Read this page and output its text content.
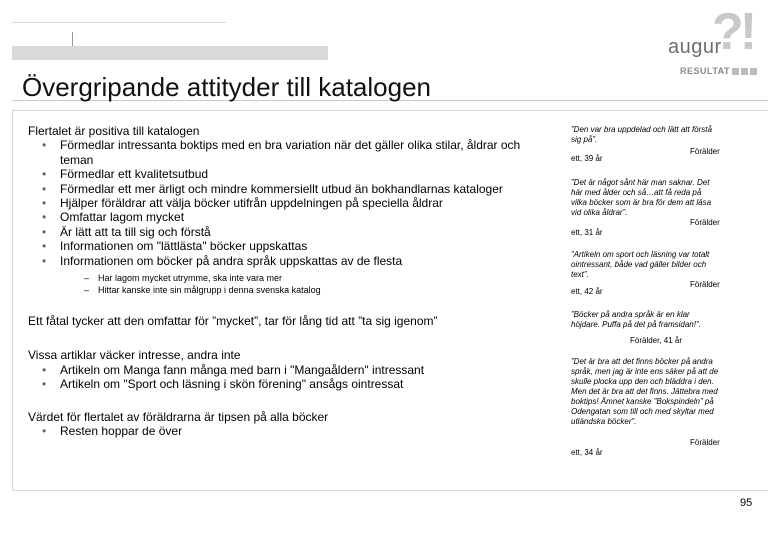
augur
?!
RESULTAT
Övergripande attityder till katalogen
Flertalet är positiva till katalogen
• Förmedlar intressanta boktips med en bra variation när det gäller olika stilar, åldrar och teman
• Förmedlar ett kvalitetsutbud
• Förmedlar ett mer ärligt och mindre kommersiellt utbud än bokhandlarnas kataloger
• Hjälper föräldrar att välja böcker utifrån uppdelningen på speciella åldrar
• Omfattar lagom mycket
• Är lätt att ta till sig och förstå
• Informationen om "lättlästa" böcker uppskattas
• Informationen om böcker på andra språk uppskattas av de flesta
– Har lagom mycket utrymme, ska inte vara mer
– Hittar kanske inte sin målgrupp i denna svenska katalog
Ett fåtal tycker att den omfattar för ”mycket”, tar för lång tid att ”ta sig igenom”
Vissa artiklar väcker intresse, andra inte
• Artikeln om Manga fann många med barn i "Mangaåldern" intressant
• Artikeln om "Sport och läsning i skön förening" ansågs ointressat
Värdet för flertalet av föräldrarna är tipsen på alla böcker
• Resten hoppar de över
”Den var bra uppdelad och lätt att förstå sig på”.
Förälder
ett, 39 år
”Det är något sånt här man saknar. Det här med ålder och så…att få reda på vilka böcker som är bra för dem att läsa vid olika åldrar”.
Förälder
ett, 31 år
”Artikeln om sport och läsning var totalt ointressant, både vad gäller bilder och text”.
Förälder
ett, 42 år
”Böcker på andra språk är en klar höjdare. Puffa på det på framsidan!”.
Förälder, 41 år
”Det är bra att det finns böcker på andra språk, men jag är inte ens säker på att de skulle plocka upp den och bläddra i den. Men det är bra att det finns. Jättebra med boktips! Ämnet kanske ”Bokspindeln” på Odengatan som till och med skyltar med utländska böcker”.
Förälder
ett, 34 år
95
